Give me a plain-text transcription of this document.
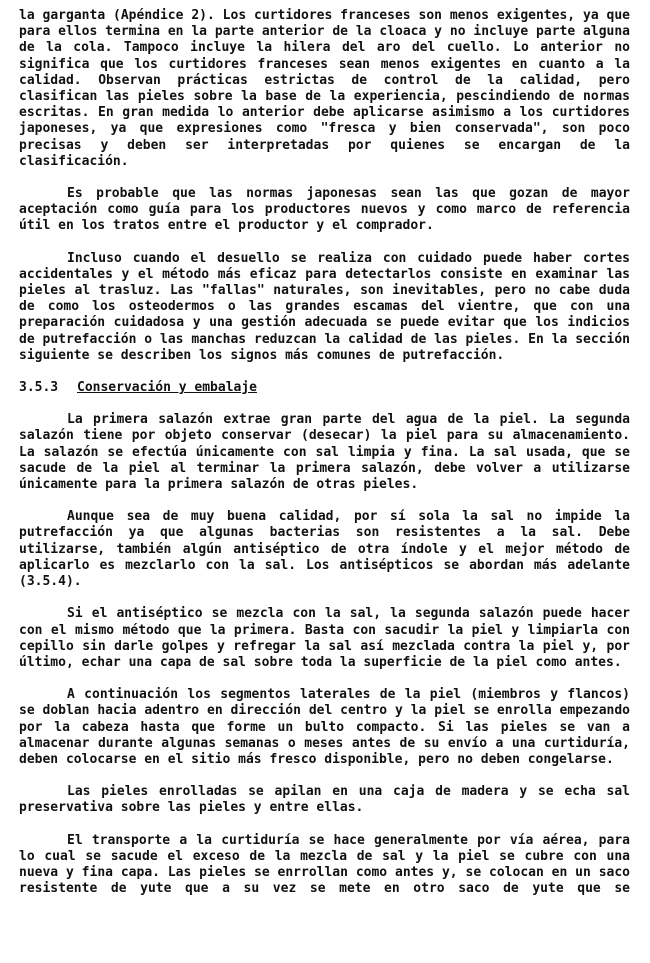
la garganta (Apéndice 2). Los curtidores franceses son menos exigentes, ya que para ellos termina en la parte anterior de la cloaca y no incluye parte alguna de la cola. Tampoco incluye la hilera del aro del cuello. Lo anterior no significa que los curtidores franceses sean menos exigentes en cuanto a la calidad. Observan prácticas estrictas de control de la calidad, pero clasifican las pieles sobre la base de la experiencia, pescindiendo de normas escritas. En gran medida lo anterior debe aplicarse asimismo a los curtidores japoneses, ya que expresiones como "fresca y bien conservada", son poco precisas y deben ser interpretadas por quienes se encargan de la clasificación.

Es probable que las normas japonesas sean las que gozan de mayor aceptación como guía para los productores nuevos y como marco de referencia útil en los tratos entre el productor y el comprador.

Incluso cuando el desuello se realiza con cuidado puede haber cortes accidentales y el método más eficaz para detectarlos consiste en examinar las pieles al trasluz. Las "fallas" naturales, son inevitables, pero no cabe duda de como los osteodermos o las grandes escamas del vientre, que con una preparación cuidadosa y una gestión adecuada se puede evitar que los indicios de putrefacción o las manchas reduzcan la calidad de las pieles. En la sección siguiente se describen los signos más comunes de putrefacción.

3.5.3 Conservación y embalaje

La primera salazón extrae gran parte del agua de la piel. La segunda salazón tiene por objeto conservar (desecar) la piel para su almacenamiento. La salazón se efectúa únicamente con sal limpia y fina. La sal usada, que se sacude de la piel al terminar la primera salazón, debe volver a utilizarse únicamente para la primera salazón de otras pieles.

Aunque sea de muy buena calidad, por sí sola la sal no impide la putrefacción ya que algunas bacterias son resistentes a la sal. Debe utilizarse, también algún antiséptico de otra índole y el mejor método de aplicarlo es mezclarlo con la sal. Los antisépticos se abordan más adelante (3.5.4).

Si el antiséptico se mezcla con la sal, la segunda salazón puede hacer con el mismo método que la primera. Basta con sacudir la piel y limpiarla con cepillo sin darle golpes y refregar la sal así mezclada contra la piel y, por último, echar una capa de sal sobre toda la superficie de la piel como antes.

A continuación los segmentos laterales de la piel (miembros y flancos) se doblan hacia adentro en dirección del centro y la piel se enrolla empezando por la cabeza hasta que forme un bulto compacto. Si las pieles se van a almacenar durante algunas semanas o meses antes de su envío a una curtiduría, deben colocarse en el sitio más fresco disponible, pero no deben congelarse.

Las pieles enrolladas se apilan en una caja de madera y se echa sal preservativa sobre las pieles y entre ellas.

El transporte a la curtiduría se hace generalmente por vía aérea, para lo cual se sacude el exceso de la mezcla de sal y la piel se cubre con una nueva y fina capa. Las pieles se enrrollan como antes y, se colocan en un saco resistente de yute que a su vez se mete en otro saco de yute que se
